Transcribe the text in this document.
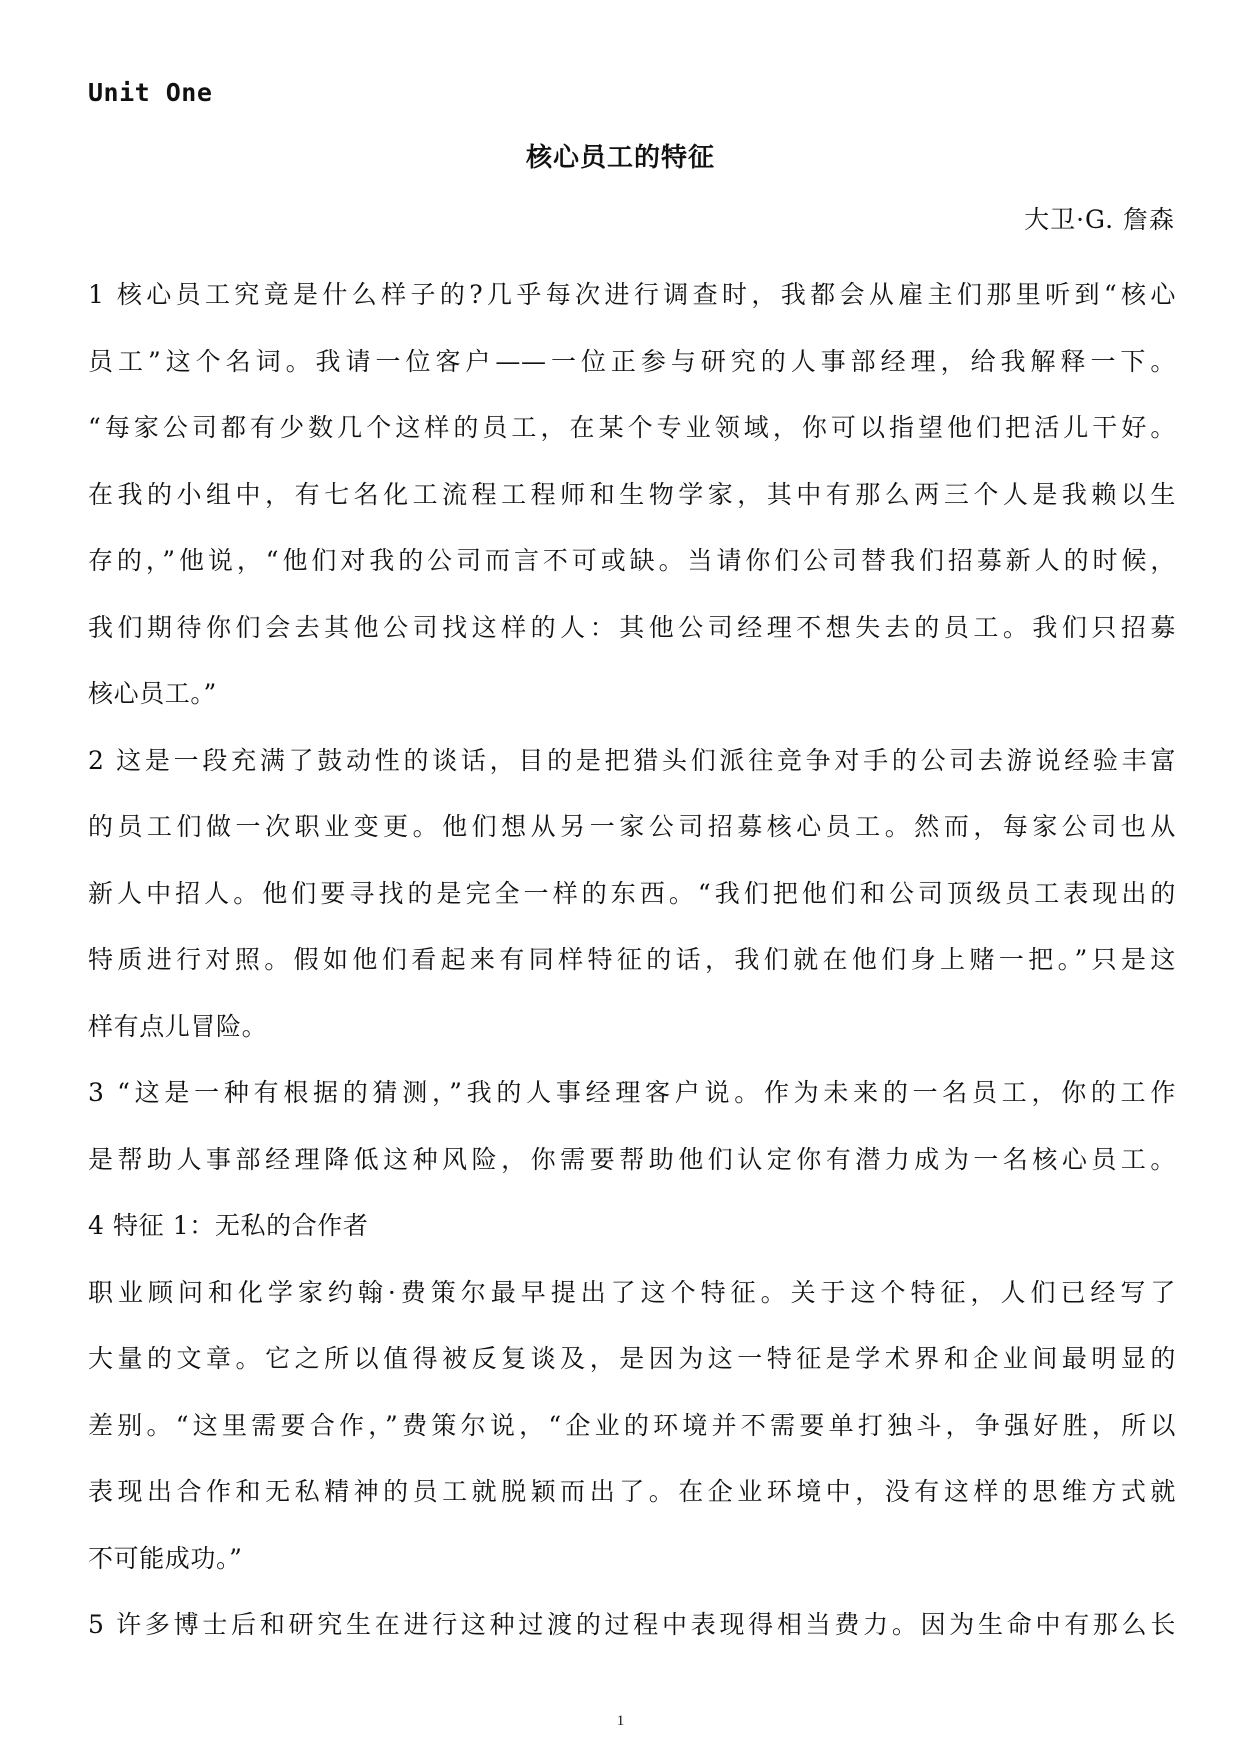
Unit One
核心员工的特征
大卫·G. 詹森
1 核心员工究竟是什么样子的?几乎每次进行调查时，我都会从雇主们那里听到“核心
员工”这个名词。我请一位客户——一位正参与研究的人事部经理，给我解释一下。
“每家公司都有少数几个这样的员工，在某个专业领域，你可以指望他们把活儿干好。
在我的小组中，有七名化工流程工程师和生物学家，其中有那么两三个人是我赖以生
存的，”他说，“他们对我的公司而言不可或缺。当请你们公司替我们招募新人的时候，
我们期待你们会去其他公司找这样的人：其他公司经理不想失去的员工。我们只招募
核心员工。”
2 这是一段充满了鼓动性的谈话，目的是把猎头们派往竞争对手的公司去游说经验丰富
的员工们做一次职业变更。他们想从另一家公司招募核心员工。然而，每家公司也从
新人中招人。他们要寻找的是完全一样的东西。“我们把他们和公司顶级员工表现出的
特质进行对照。假如他们看起来有同样特征的话，我们就在他们身上赌一把。”只是这
样有点儿冒险。
3 “这是一种有根据的猜测，”我的人事经理客户说。作为未来的一名员工，你的工作
是帮助人事部经理降低这种风险，你需要帮助他们认定你有潜力成为一名核心员工。
4 特征 1：无私的合作者
职业顾问和化学家约翰·费策尔最早提出了这个特征。关于这个特征，人们已经写了
大量的文章。它之所以值得被反复谈及，是因为这一特征是学术界和企业间最明显的
差别。“这里需要合作，”费策尔说，“企业的环境并不需要单打独斗，争强好胜，所以
表现出合作和无私精神的员工就脱颖而出了。在企业环境中，没有这样的思维方式就
不可能成功。”
5 许多博士后和研究生在进行这种过渡的过程中表现得相当费力。因为生命中有那么长
1
